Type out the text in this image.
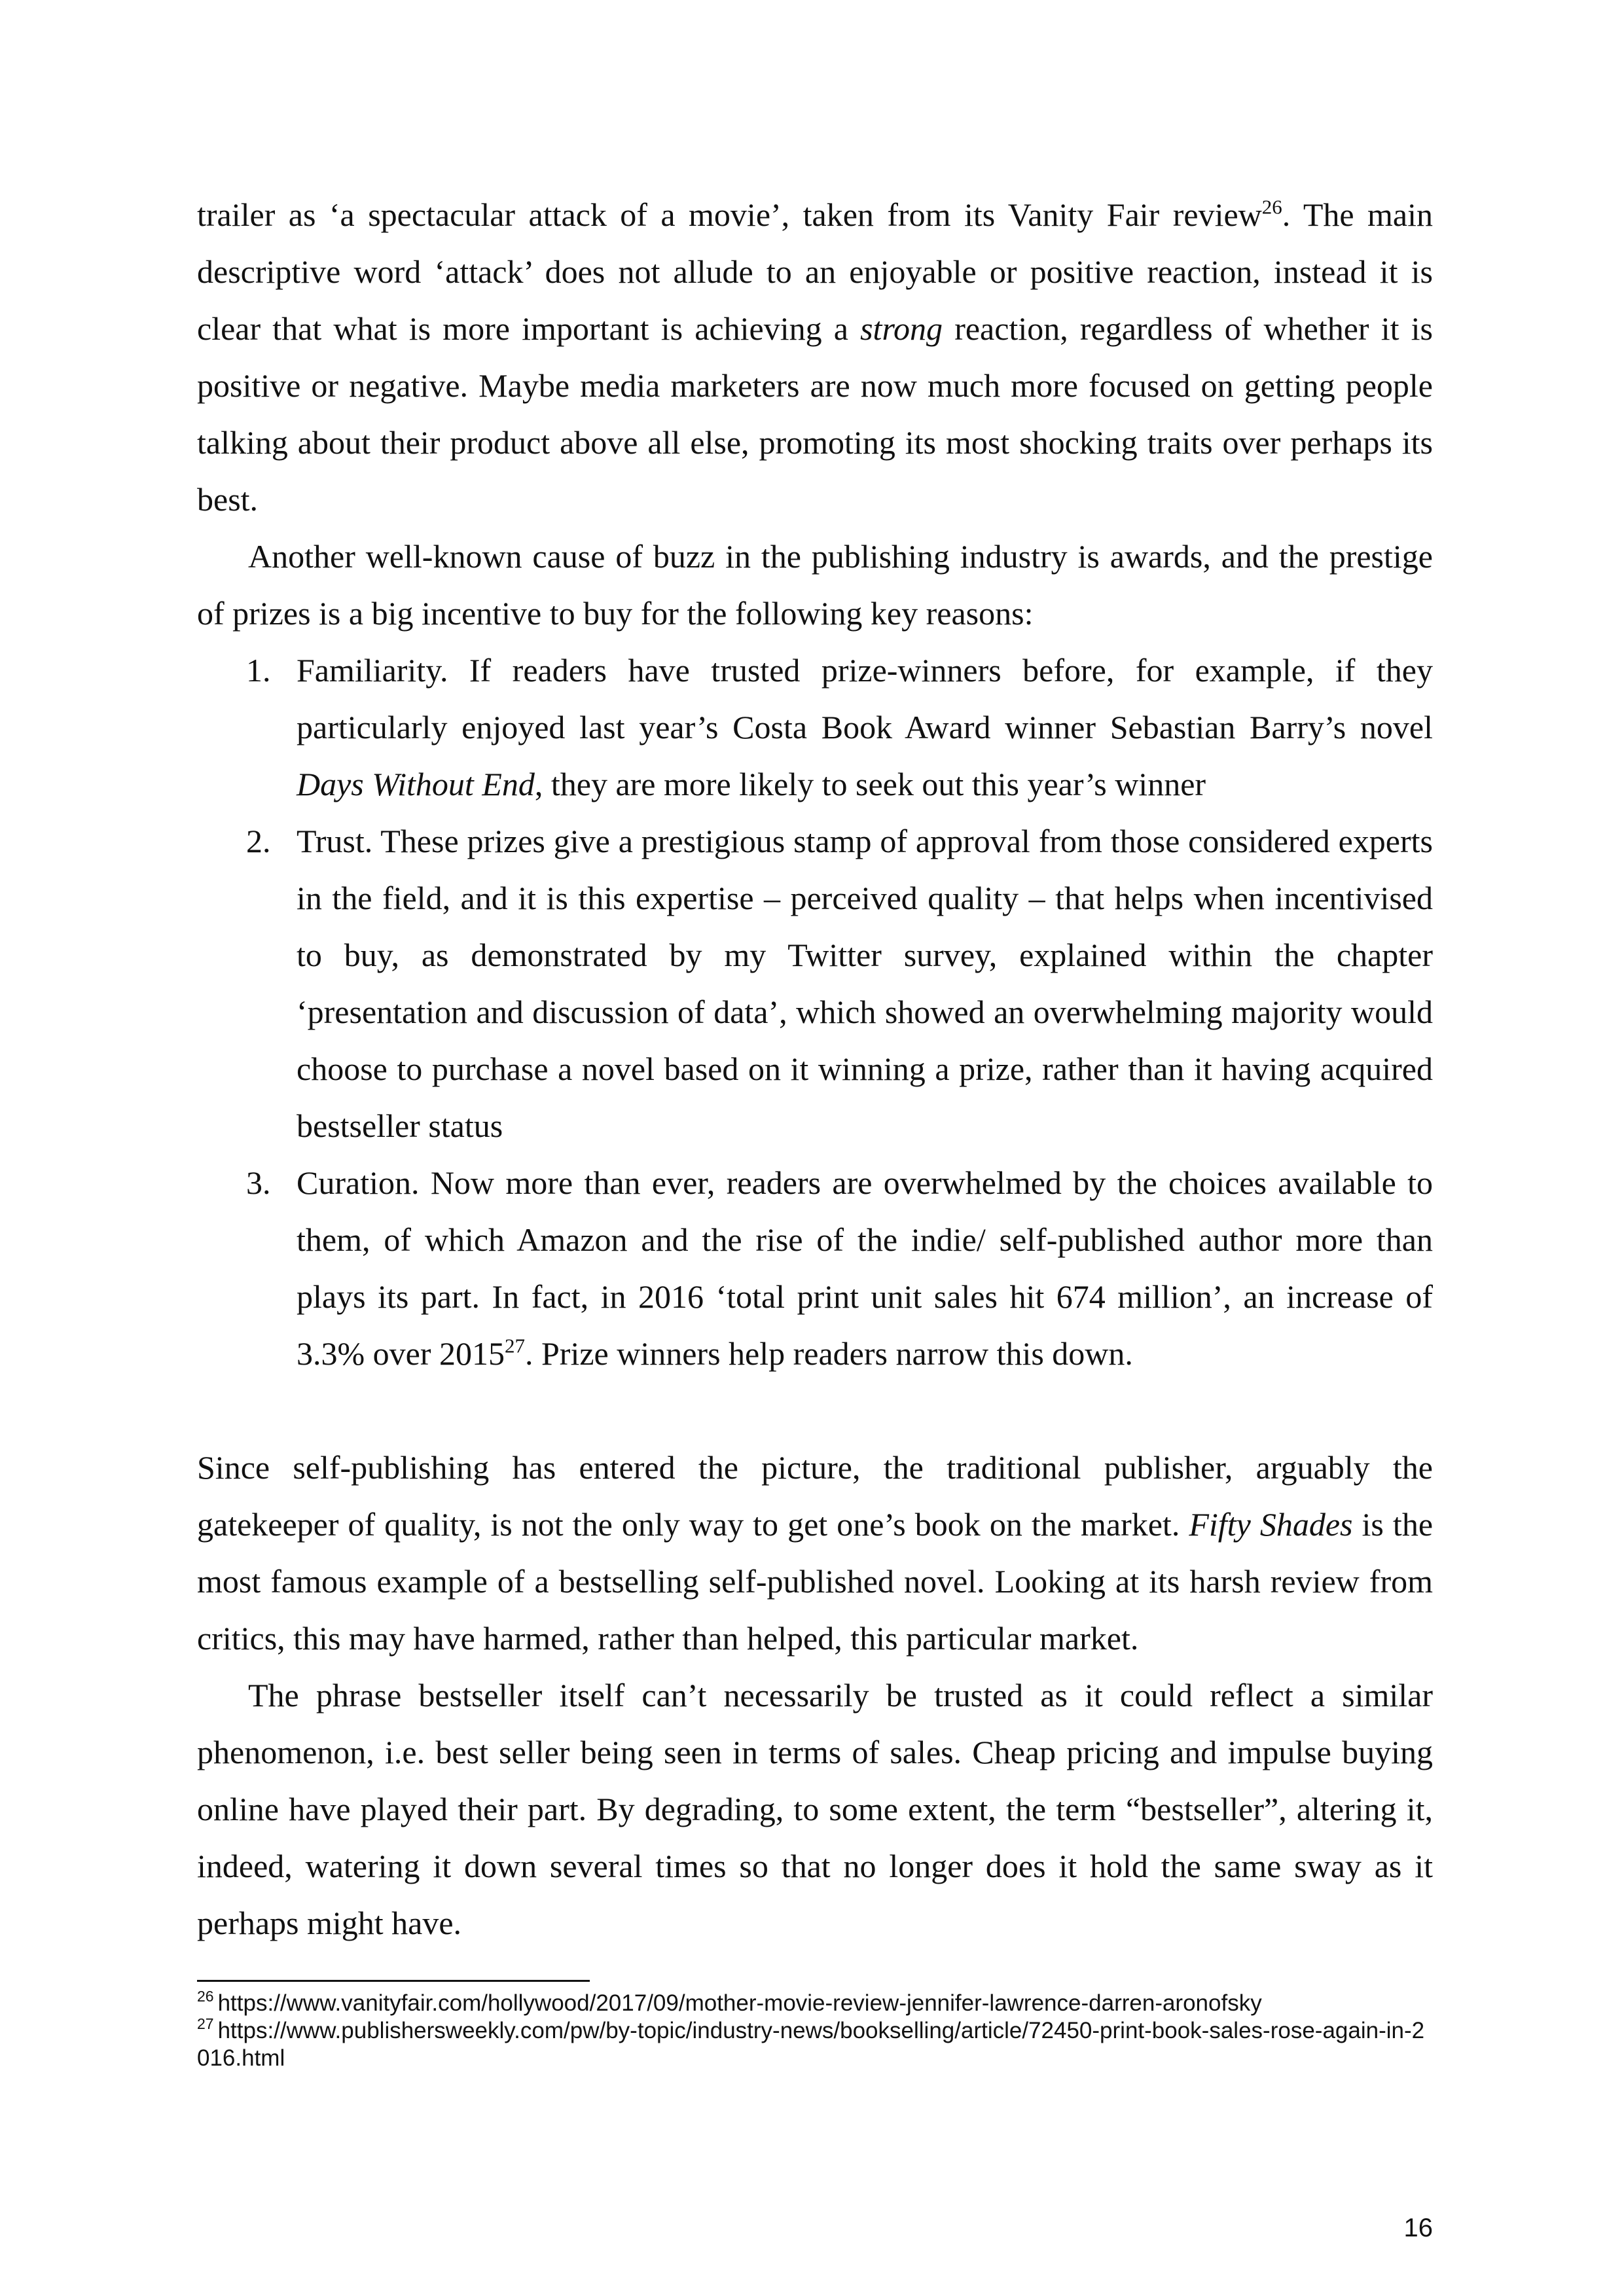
trailer as ‘a spectacular attack of a movie’, taken from its Vanity Fair review$^{26}$. The main descriptive word ‘attack’ does not allude to an enjoyable or positive reaction, instead it is clear that what is more important is achieving a strong reaction, regardless of whether it is positive or negative. Maybe media marketers are now much more focused on getting people talking about their product above all else, promoting its most shocking traits over perhaps its best.

Another well-known cause of buzz in the publishing industry is awards, and the prestige of prizes is a big incentive to buy for the following key reasons:

1. Familiarity. If readers have trusted prize-winners before, for example, if they particularly enjoyed last year’s Costa Book Award winner Sebastian Barry’s novel Days Without End, they are more likely to seek out this year’s winner
2. Trust. These prizes give a prestigious stamp of approval from those considered experts in the field, and it is this expertise – perceived quality – that helps when incentivised to buy, as demonstrated by my Twitter survey, explained within the chapter ‘presentation and discussion of data’, which showed an overwhelming majority would choose to purchase a novel based on it winning a prize, rather than it having acquired bestseller status
3. Curation. Now more than ever, readers are overwhelmed by the choices available to them, of which Amazon and the rise of the indie/ self-published author more than plays its part. In fact, in 2016 ‘total print unit sales hit 674 million’, an increase of 3.3% over 2015$^{27}$. Prize winners help readers narrow this down.

Since self-publishing has entered the picture, the traditional publisher, arguably the gatekeeper of quality, is not the only way to get one’s book on the market. Fifty Shades is the most famous example of a bestselling self-published novel. Looking at its harsh review from critics, this may have harmed, rather than helped, this particular market.

The phrase bestseller itself can’t necessarily be trusted as it could reflect a similar phenomenon, i.e. best seller being seen in terms of sales. Cheap pricing and impulse buying online have played their part. By degrading, to some extent, the term “bestseller”, altering it, indeed, watering it down several times so that no longer does it hold the same sway as it perhaps might have.

$^{26}$ https://www.vanityfair.com/hollywood/2017/09/mother-movie-review-jennifer-lawrence-darren-aronofsky

$^{27}$ https://www.publishersweekly.com/pw/by-topic/industry-news/bookselling/article/72450-print-book-sales-rose-again-in-2016.html

16
